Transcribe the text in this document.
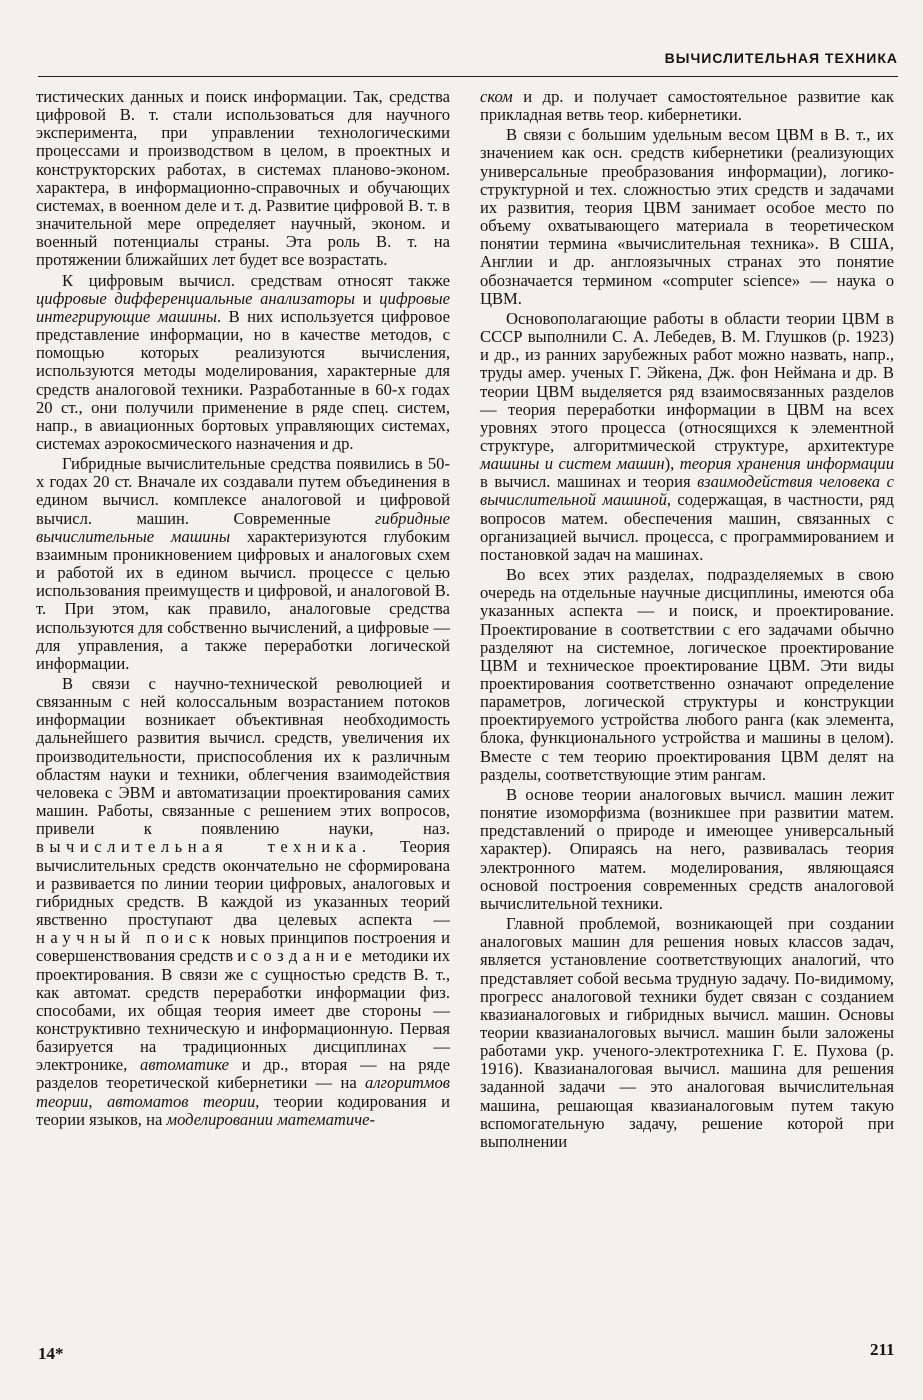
ВЫЧИСЛИТЕЛЬНАЯ ТЕХНИКА

тистических данных и поиск информации. Так, средства цифровой В. т. стали использоваться для научного эксперимента, при управлении технологическими процессами и производством в целом, в проектных и конструкторских работах, в системах планово-эконом. характера, в информационно-справочных и обучающих системах, в военном деле и т. д. Развитие цифровой В. т. в значительной мере определяет научный, эконом. и военный потенциалы страны. Эта роль В. т. на протяжении ближайших лет будет все возрастать.

К цифровым вычисл. средствам относят также цифровые дифференциальные анализаторы и цифровые интегрирующие машины. В них используется цифровое представление информации, но в качестве методов, с помощью которых реализуются вычисления, используются методы моделирования, характерные для средств аналоговой техники. Разработанные в 60-х годах 20 ст., они получили применение в ряде спец. систем, напр., в авиационных бортовых управляющих системах, системах аэрокосмического назначения и др.

Гибридные вычислительные средства появились в 50-х годах 20 ст. Вначале их создавали путем объединения в едином вычисл. комплексе аналоговой и цифровой вычисл. машин. Современные гибридные вычислительные машины характеризуются глубоким взаимным проникновением цифровых и аналоговых схем и работой их в едином вычисл. процессе с целью использования преимуществ и цифровой, и аналоговой В. т. При этом, как правило, аналоговые средства используются для собственно вычислений, а цифровые — для управления, а также переработки логической информации.

В связи с научно-технической революцией и связанным с ней колоссальным возрастанием потоков информации возникает объективная необходимость дальнейшего развития вычисл. средств, увеличения их производительности, приспособления их к различным областям науки и техники, облегчения взаимодействия человека с ЭВМ и автоматизации проектирования самих машин. Работы, связанные с решением этих вопросов, привели к появлению науки, наз. вычислительная техника. Теория вычислительных средств окончательно не сформирована и развивается по линии теории цифровых, аналоговых и гибридных средств. В каждой из указанных теорий явственно проступают два целевых аспекта — научный поиск новых принципов построения и совершенствования средств и создание методики их проектирования. В связи же с сущностью средств В. т., как автомат. средств переработки информации физ. способами, их общая теория имеет две стороны — конструктивно техническую и информационную. Первая базируется на традиционных дисциплинах — электронике, автоматике и др., вторая — на ряде разделов теоретической кибернетики — на алгоритмов теории, автоматов теории, теории кодирования и теории языков, на моделировании математиче-

ском и др. и получает самостоятельное развитие как прикладная ветвь теор. кибернетики.

В связи с большим удельным весом ЦВМ в В. т., их значением как осн. средств кибернетики (реализующих универсальные преобразования информации), логико-структурной и тех. сложностью этих средств и задачами их развития, теория ЦВМ занимает особое место по объему охватывающего материала в теоретическом понятии термина «вычислительная техника». В США, Англии и др. англоязычных странах это понятие обозначается термином «computer science» — наука о ЦВМ.

Основополагающие работы в области теории ЦВМ в СССР выполнили С. А. Лебедев, В. М. Глушков (р. 1923) и др., из ранних зарубежных работ можно назвать, напр., труды амер. ученых Г. Эйкена, Дж. фон Неймана и др. В теории ЦВМ выделяется ряд взаимосвязанных разделов — теория переработки информации в ЦВМ на всех уровнях этого процесса (относящихся к элементной структуре, алгоритмической структуре, архитектуре машины и систем машин), теория хранения информации в вычисл. машинах и теория взаимодействия человека с вычислительной машиной, содержащая, в частности, ряд вопросов матем. обеспечения машин, связанных с организацией вычисл. процесса, с программированием и постановкой задач на машинах.

Во всех этих разделах, подразделяемых в свою очередь на отдельные научные дисциплины, имеются оба указанных аспекта — и поиск, и проектирование. Проектирование в соответствии с его задачами обычно разделяют на системное, логическое проектирование ЦВМ и техническое проектирование ЦВМ. Эти виды проектирования соответственно означают определение параметров, логической структуры и конструкции проектируемого устройства любого ранга (как элемента, блока, функционального устройства и машины в целом). Вместе с тем теорию проектирования ЦВМ делят на разделы, соответствующие этим рангам.

В основе теории аналоговых вычисл. машин лежит понятие изоморфизма (возникшее при развитии матем. представлений о природе и имеющее универсальный характер). Опираясь на него, развивалась теория электронного матем. моделирования, являющаяся основой построения современных средств аналоговой вычислительной техники.

Главной проблемой, возникающей при создании аналоговых машин для решения новых классов задач, является установление соответствующих аналогий, что представляет собой весьма трудную задачу. По-видимому, прогресс аналоговой техники будет связан с созданием квазианалоговых и гибридных вычисл. машин. Основы теории квазианалоговых вычисл. машин были заложены работами укр. ученого-электротехника Г. Е. Пухова (р. 1916). Квазианалоговая вычисл. машина для решения заданной задачи — это аналоговая вычислительная машина, решающая квазианалоговым путем такую вспомогательную задачу, решение которой при выполнении

14*	211
